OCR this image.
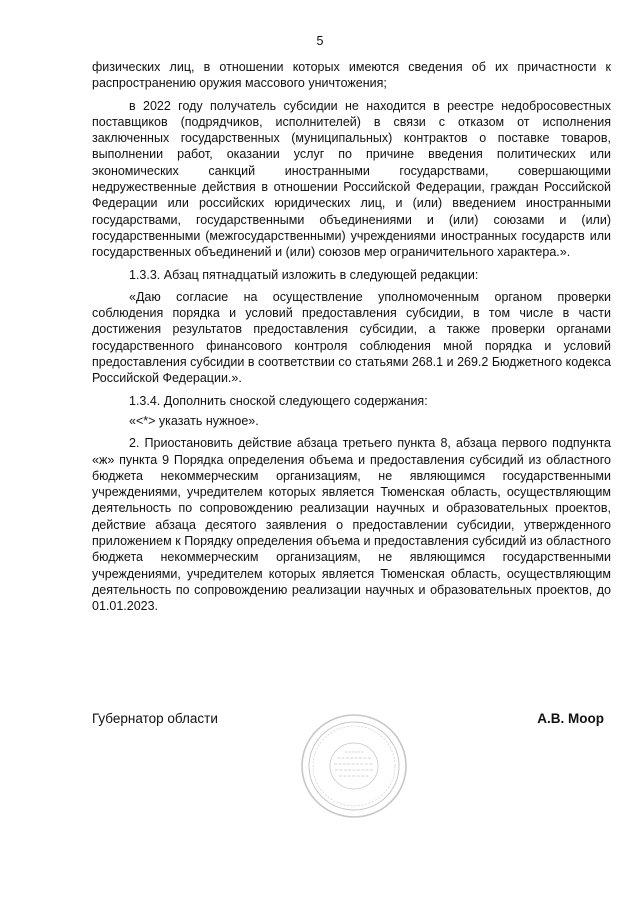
5

физических лиц, в отношении которых имеются сведения об их причастности к распространению оружия массового уничтожения;

в 2022 году получатель субсидии не находится в реестре недобросовестных поставщиков (подрядчиков, исполнителей) в связи с отказом от исполнения заключенных государственных (муниципальных) контрактов о поставке товаров, выполнении работ, оказании услуг по причине введения политических или экономических санкций иностранными государствами, совершающими недружественные действия в отношении Российской Федерации, граждан Российской Федерации или российских юридических лиц, и (или) введением иностранными государствами, государственными объединениями и (или) союзами и (или) государственными (межгосударственными) учреждениями иностранных государств или государственных объединений и (или) союзов мер ограничительного характера.».

1.3.3. Абзац пятнадцатый изложить в следующей редакции:

«Даю согласие на осуществление уполномоченным органом проверки соблюдения порядка и условий предоставления субсидии, в том числе в части достижения результатов предоставления субсидии, а также проверки органами государственного финансового контроля соблюдения мной порядка и условий предоставления субсидии в соответствии со статьями 268.1 и 269.2 Бюджетного кодекса Российской Федерации.».

1.3.4. Дополнить сноской следующего содержания:

«<*> указать нужное».

2. Приостановить действие абзаца третьего пункта 8, абзаца первого подпункта «ж» пункта 9 Порядка определения объема и предоставления субсидий из областного бюджета некоммерческим организациям, не являющимся государственными учреждениями, учредителем которых является Тюменская область, осуществляющим деятельность по сопровождению реализации научных и образовательных проектов, действие абзаца десятого заявления о предоставлении субсидии, утвержденного приложением к Порядку определения объема и предоставления субсидий из областного бюджета некоммерческим организациям, не являющимся государственными учреждениями, учредителем которых является Тюменская область, осуществляющим деятельность по сопровождению реализации научных и образовательных проектов, до 01.01.2023.

Губернатор области	А.В. Моор
